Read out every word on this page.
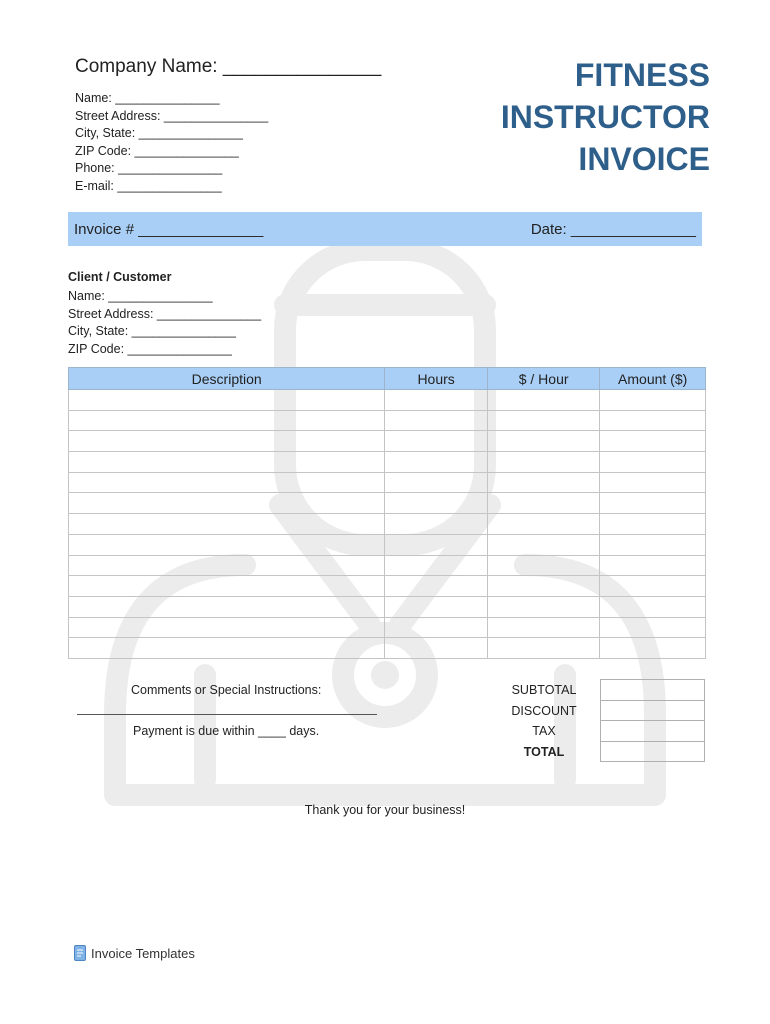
Company Name: _______________
Name: _______________
Street Address: _______________
City, State: _______________
ZIP Code: _______________
Phone: _______________
E-mail: _______________
FITNESS
INSTRUCTOR
INVOICE
Invoice # _______________	Date: _______________
Client / Customer
Name: _______________
Street Address: _______________
City, State: _______________
ZIP Code: _______________
Description	Hours	$ / Hour	Amount ($)

Comments or Special Instructions:
Payment is due within ____ days.
SUBTOTAL
DISCOUNT
TAX
TOTAL
Thank you for your business!
Invoice Templates
